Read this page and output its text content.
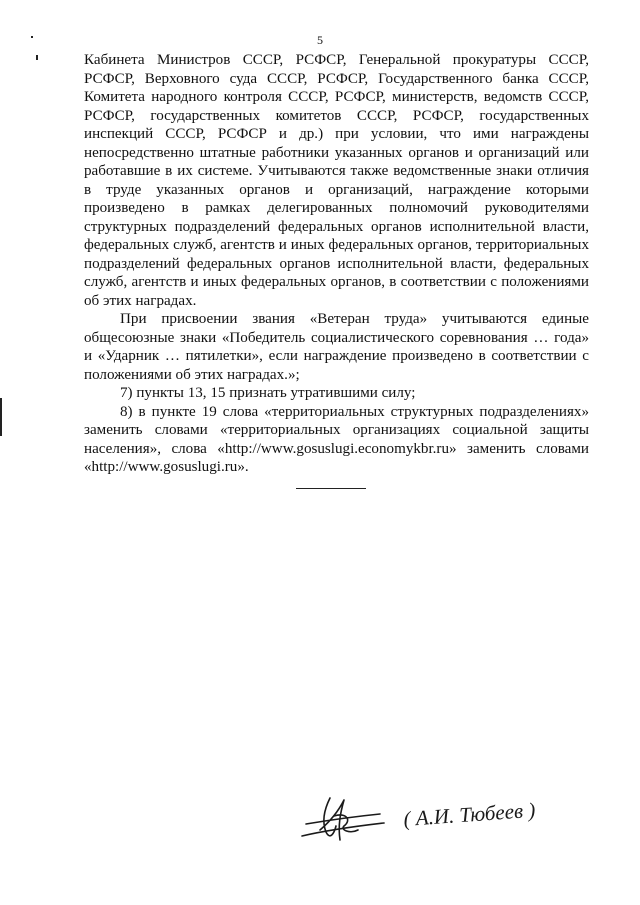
5

Кабинета Министров СССР, РСФСР, Генеральной прокуратуры СССР, РСФСР, Верховного суда СССР, РСФСР, Государственного банка СССР, Комитета народного контроля СССР, РСФСР, министерств, ведомств СССР, РСФСР, государственных комитетов СССР, РСФСР, государственных инспекций СССР, РСФСР и др.) при условии, что ими награждены непосредственно штатные работники указанных органов и организаций или работавшие в их системе. Учитываются также ведомственные знаки отличия в труде указанных органов и организаций, награждение которыми произведено в рамках делегированных полномочий руководителями структурных подразделений федеральных органов исполнительной власти, федеральных служб, агентств и иных федеральных органов, территориальных подразделений федеральных органов исполнительной власти, федеральных служб, агентств и иных федеральных органов, в соответствии с положениями об этих наградах.

При присвоении звания «Ветеран труда» учитываются единые общесоюзные знаки «Победитель социалистического соревнования … года» и «Ударник … пятилетки», если награждение произведено в соответствии с положениями об этих наградах.»;

7) пункты 13, 15 признать утратившими силу;

8) в пункте 19 слова «территориальных структурных подразделениях» заменить словами «территориальных организациях социальной защиты населения», слова «http://www.gosuslugi.economykbr.ru» заменить словами «http://www.gosuslugi.ru».

( А.И. Тюбеев )
